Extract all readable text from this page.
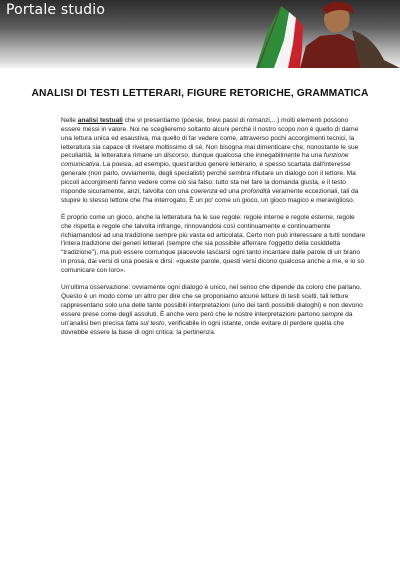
Portale studio
ANALISI DI TESTI LETTERARI, FIGURE RETORICHE, GRAMMATICA

Nelle analisi testuali che vi presentiamo (poesie, brevi passi di romanzi,...) molti elementi possono essere messi in valore. Noi ne sceglieremo soltanto alcuni perché il nostro scopo non è quello di darne una lettura unica ed esaustiva, ma quello di far vedere come, attraverso pochi accorgimenti tecnici, la letteratura sia capace di rivelare moltissimo di sé. Non bisogna mai dimenticare che, nonostante le sue peculiarità, la letteratura rimane un discorso, dunque qualcosa che innegabilmente ha una funzione comunicativa. La poesia, ad esempio, quest'arduo genere letterario, è spesso scartata dall'interesse generale (non parlo, ovviamente, degli specialisti) perché sembra rifiutare un dialogo con il lettore. Ma piccoli accorgimenti fanno vedere come ciò sia falso: tutto sta nel fare la domanda giusta, e il testo risponde sicuramente, anzi, talvolta con una coerenza ed una profondità veramente eccezionali, tali da stupire lo stesso lettore che l'ha interrogato. È un po' come un gioco, un gioco magico e meraviglioso.

È proprio come un gioco, anche la letteratura ha le sue regole: regole interne e regole esterne, regole che rispetta e regole che talvolta infrange, rinnovandosi così continuamente e continuamente richiamandosi ad una tradizione sempre più vasta ed articolata. Certo non può interessare a tutti sondare l'intera tradizione dei generi letterari (sempre che sia possibile afferrare l'oggetto della cosiddetta "tradizione"), ma può essere comunque piacevole lasciarsi ogni tanto incantare dalle parole di un brano in prosa, dai versi di una poesia e dirsi: «queste parole, questi versi dicono qualcosa anche a me, e io so comunicare con loro».

Un'ultima osservazione: ovviamente ogni dialogo è unico, nel senso che dipende da coloro che parlano. Questo è un modo come un altro per dire che se proponiamo alcune letture di testi scelti, tali letture rappresentano solo una delle tante possibili interpretazioni (uno dei tanti possibili dialoghi) e non devono essere prese come degli assoluti. È anche vero però che le nostre interpretazioni partono sempre da un'analisi ben precisa fatta sul testo, verificabile in ogni istante, onde evitare di perdere quella che dovrebbe essere la base di ogni critica: la pertinenza.
